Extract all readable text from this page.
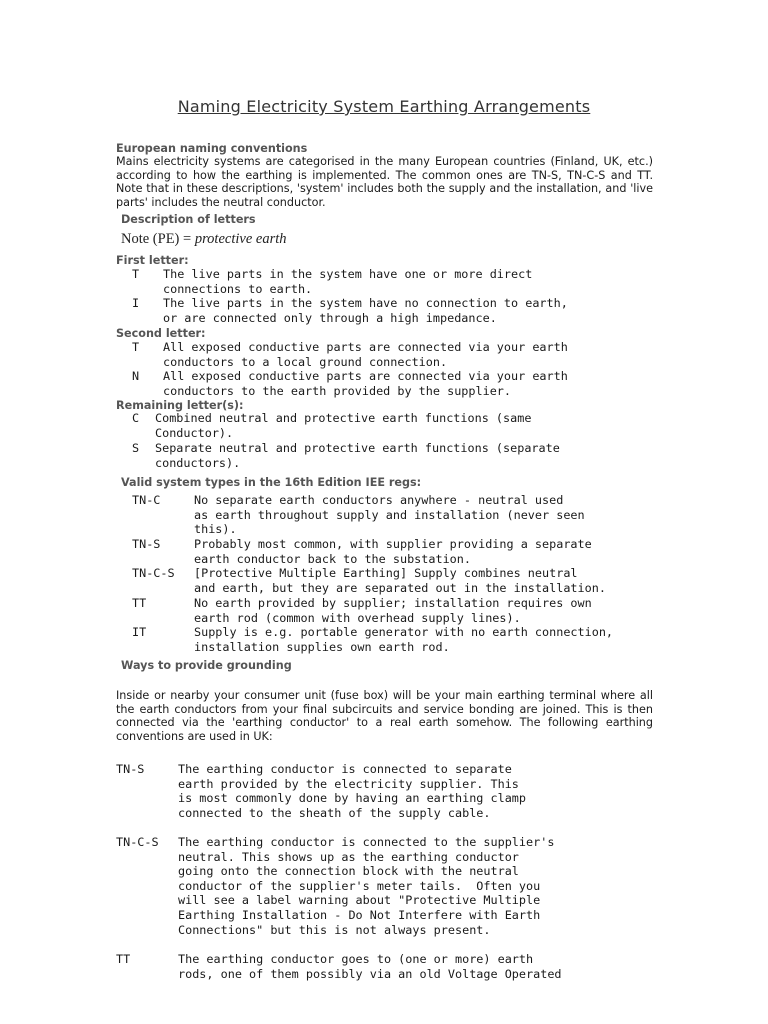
Naming Electricity System Earthing Arrangements
European naming conventions
Mains electricity systems are categorised in the many European countries (Finland, UK, etc.) according to how the earthing is implemented. The common ones are TN-S, TN-C-S and TT. Note that in these descriptions, 'system' includes both the supply and the installation, and 'live parts' includes the neutral conductor.
Description of letters
Note (PE) = protective earth
First letter:
T The live parts in the system have one or more direct
connections to earth.
I The live parts in the system have no connection to earth,
or are connected only through a high impedance.
Second letter:
T All exposed conductive parts are connected via your earth
conductors to a local ground connection.
N All exposed conductive parts are connected via your earth
conductors to the earth provided by the supplier.
Remaining letter(s):
C Combined neutral and protective earth functions (same
Conductor).
S Separate neutral and protective earth functions (separate
conductors).
Valid system types in the 16th Edition IEE regs:
TN-C	No separate earth conductors anywhere - neutral used
as earth throughout supply and installation (never seen
this).
TN-S	Probably most common, with supplier providing a separate
earth conductor back to the substation.
TN-C-S [Protective Multiple Earthing] Supply combines neutral
and earth, but they are separated out in the installation.
TT	No earth provided by supplier; installation requires own
earth rod (common with overhead supply lines).
IT	Supply is e.g. portable generator with no earth connection,
installation supplies own earth rod.
Ways to provide grounding
Inside or nearby your consumer unit (fuse box) will be your main earthing terminal where all the earth conductors from your final subcircuits and service bonding are joined. This is then connected via the 'earthing conductor' to a real earth somehow. The following earthing conventions are used in UK:
TN-S	The earthing conductor is connected to separate
earth provided by the electricity supplier. This
is most commonly done by having an earthing clamp
connected to the sheath of the supply cable.
TN-C-S The earthing conductor is connected to the supplier's
neutral. This shows up as the earthing conductor
going onto the connection block with the neutral
conductor of the supplier's meter tails.  Often you
will see a label warning about "Protective Multiple
Earthing Installation - Do Not Interfere with Earth
Connections" but this is not always present.
TT	The earthing conductor goes to (one or more) earth
rods, one of them possibly via an old Voltage Operated
